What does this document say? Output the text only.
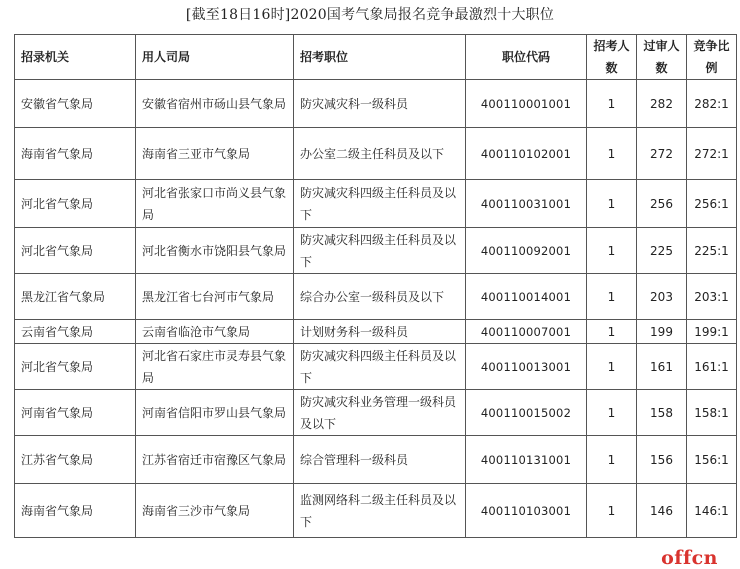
[截至18日16时]2020国考气象局报名竞争最激烈十大职位
招录机关	用人司局	招考职位	职位代码	招考人数	过审人数	竞争比例
安徽省气象局	安徽省宿州市砀山县气象局	防灾减灾科一级科员	400110001001	1	282	282:1
海南省气象局	海南省三亚市气象局	办公室二级主任科员及以下	400110102001	1	272	272:1
河北省气象局	河北省张家口市尚义县气象局	防灾减灾科四级主任科员及以下	400110031001	1	256	256:1
河北省气象局	河北省衡水市饶阳县气象局	防灾减灾科四级主任科员及以下	400110092001	1	225	225:1
黑龙江省气象局	黑龙江省七台河市气象局	综合办公室一级科员及以下	400110014001	1	203	203:1
云南省气象局	云南省临沧市气象局	计划财务科一级科员	400110007001	1	199	199:1
河北省气象局	河北省石家庄市灵寿县气象局	防灾减灾科四级主任科员及以下	400110013001	1	161	161:1
河南省气象局	河南省信阳市罗山县气象局	防灾减灾科业务管理一级科员及以下	400110015002	1	158	158:1
江苏省气象局	江苏省宿迁市宿豫区气象局	综合管理科一级科员	400110131001	1	156	156:1
海南省气象局	海南省三沙市气象局	监测网络科二级主任科员及以下	400110103001	1	146	146:1
offcn
